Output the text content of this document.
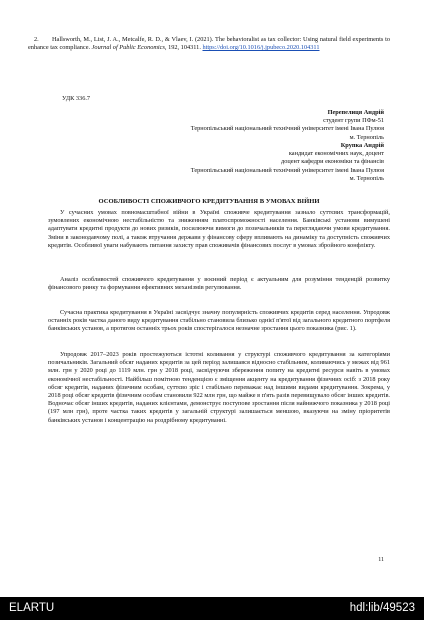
2. Hallsworth, M., List, J. A., Metcalfe, R. D., & Vlaev, I. (2021). The behavioralist as tax collector: Using natural field experiments to enhance tax compliance. Journal of Public Economics, 192, 104311. https://doi.org/10.1016/j.jpubeco.2020.104311
УДК 336.7
Перепелиця Андрій
студент групи ПФм-51
Тернопільський національний технічний університет імені Івана Пулюя
м. Тернопіль
Крупка Андрій
кандидат економічних наук, доцент
доцент кафедри економіки та фінансів
Тернопільський національний технічний університет імені Івана Пулюя
м. Тернопіль
ОСОБЛИВОСТІ СПОЖИВЧОГО КРЕДИТУВАННЯ В УМОВАХ ВІЙНИ
У сучасних умовах повномасштабної війни в Україні споживче кредитування зазнало суттєвих трансформацій, зумовлених економічною нестабільністю та зниженням платоспроможності населення. Банківські установи вимушені адаптувати кредитні продукти до нових ризиків, посилюючи вимоги до позичальників та переглядаючи умови кредитування. Зміни в законодавчому полі, а також втручання держави у фінансову сферу впливають на динаміку та доступність споживчих кредитів. Особливої уваги набувають питання захисту прав споживачів фінансових послуг в умовах збройного конфлікту.
Аналіз особливостей споживчого кредитування у воєнний період є актуальним для розуміння тенденцій розвитку фінансового ринку та формування ефективних механізмів регулювання.
Сучасна практика кредитування в Україні засвідчує значну популярність споживчих кредитів серед населення. Упродовж останніх років частка даного виду кредитування стабільно становила близько однієї п'ятої від загального кредитного портфеля банківських установ, а протягом останніх трьох років спостерігалося незначне зростання цього показника (рис. 1).
Упродовж 2017–2023 років простежуються істотні коливання у структурі споживчого кредитування за категоріями позичальників. Загальний обсяг наданих кредитів за цей період залишався відносно стабільним, коливаючись у межах від 961 млн. грн у 2020 році до 1119 млн. грн у 2018 році, засвідчуючи збереження попиту на кредитні ресурси навіть в умовах економічної нестабільності. Найбільш помітною тенденцією є зміщення акценту на кредитування фізичних осіб: з 2018 року обсяг кредитів, наданих фізичним особам, суттєво зріс і стабільно переважає над іншими видами кредитування. Зокрема, у 2018 році обсяг кредитів фізичним особам становили 922 млн грн, що майже в п'ять разів перевищувало обсяг інших кредитів. Водночас обсяг інших кредитів, наданих клієнтами, демонструє поступове зростання після найнижчого показника у 2018 році (197 млн грн), проте частка таких кредитів у загальній структурі залишається меншою, вказуючи на зміну пріоритетів банківських установ і концентрацію на роздрібному кредитуванні.
11
ELARTU	hdl:lib/49523
